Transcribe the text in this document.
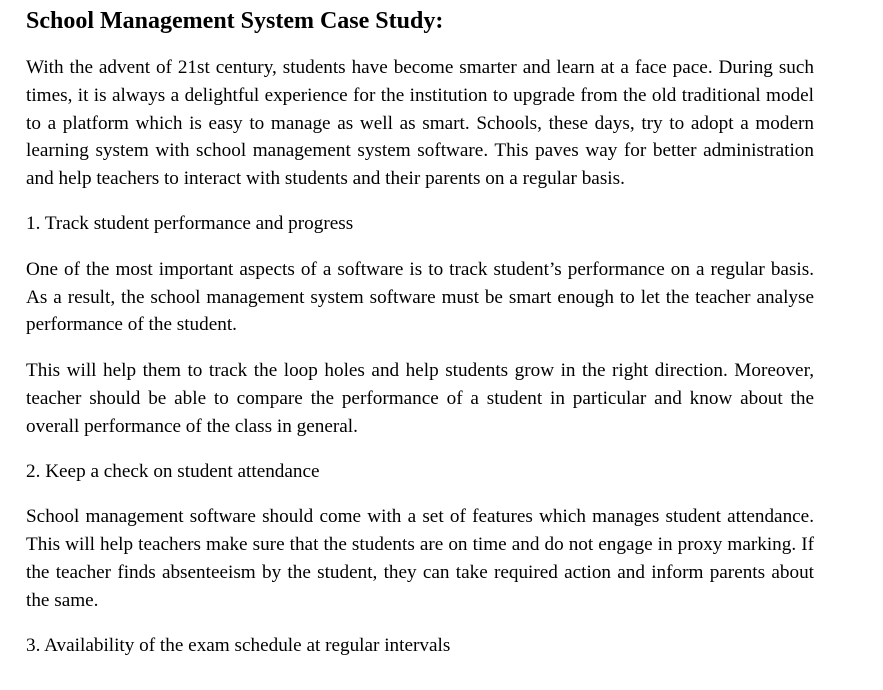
School Management System Case Study:

With the advent of 21st century, students have become smarter and learn at a face pace. During such times, it is always a delightful experience for the institution to upgrade from the old traditional model to a platform which is easy to manage as well as smart. Schools, these days, try to adopt a modern learning system with school management system software. This paves way for better administration and help teachers to interact with students and their parents on a regular basis.

1. Track student performance and progress

One of the most important aspects of a software is to track student’s performance on a regular basis. As a result, the school management system software must be smart enough to let the teacher analyse performance of the student.

This will help them to track the loop holes and help students grow in the right direction. Moreover, teacher should be able to compare the performance of a student in particular and know about the overall performance of the class in general.

2. Keep a check on student attendance

School management software should come with a set of features which manages student attendance. This will help teachers make sure that the students are on time and do not engage in proxy marking. If the teacher finds absenteeism by the student, they can take required action and inform parents about the same.

3. Availability of the exam schedule at regular intervals
